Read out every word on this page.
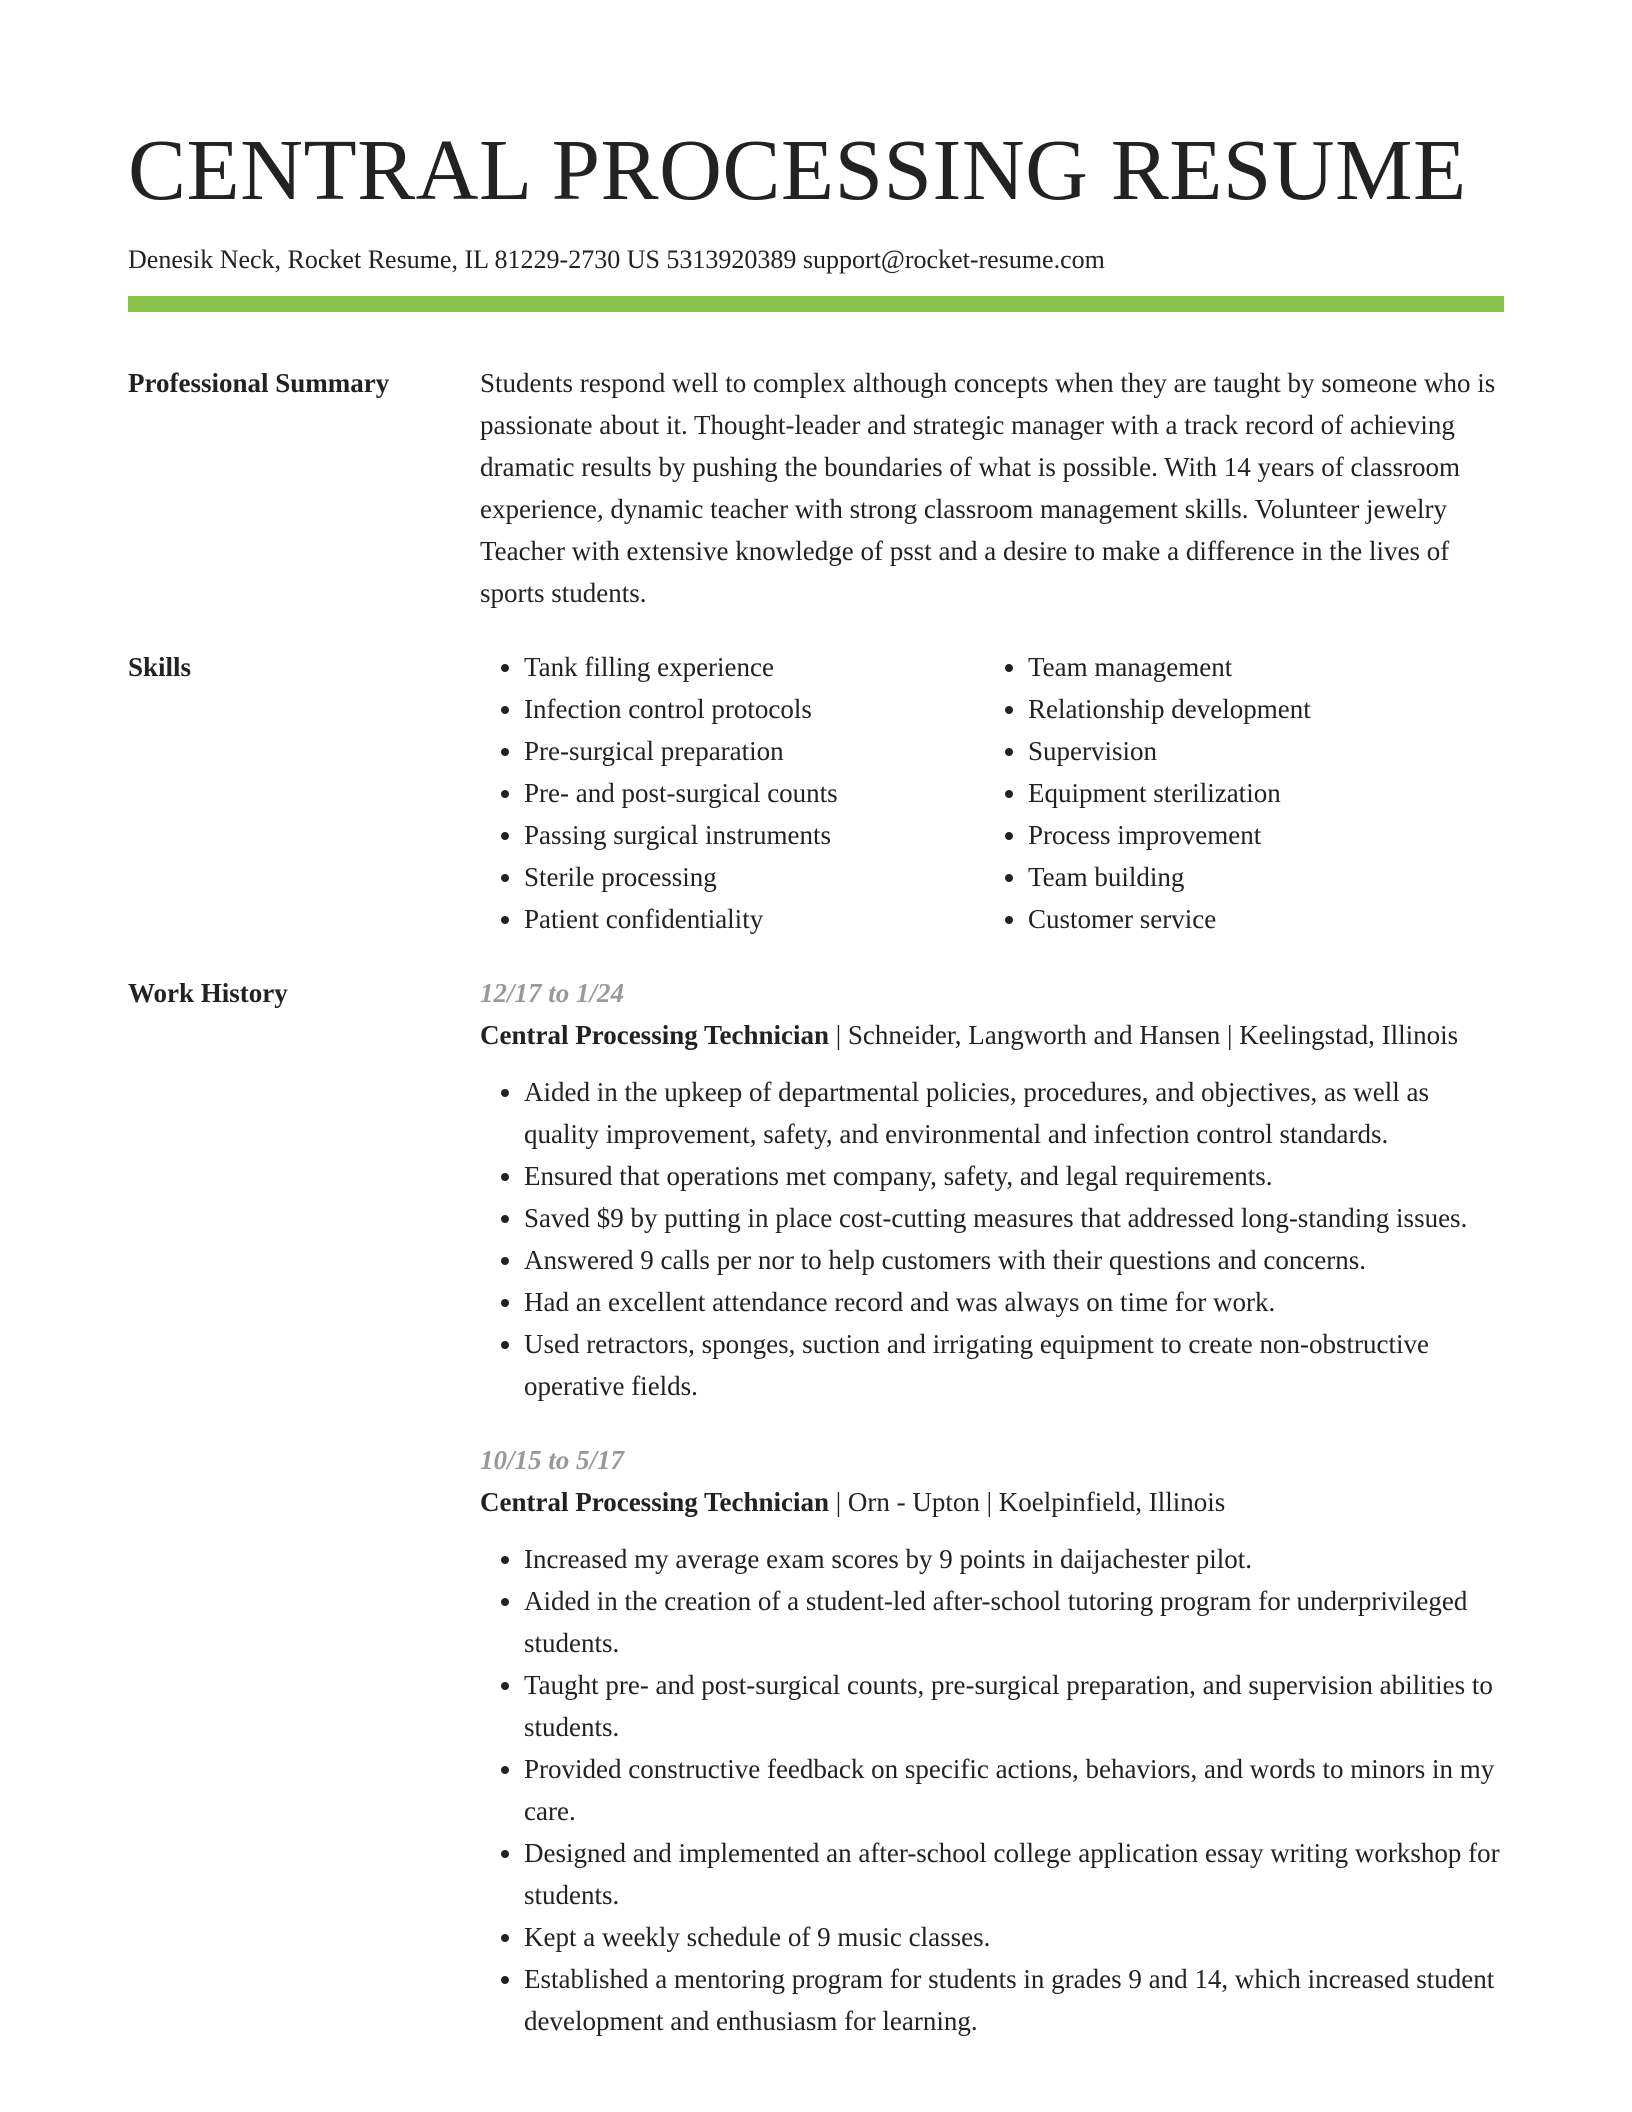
CENTRAL PROCESSING RESUME
Denesik Neck, Rocket Resume, IL 81229-2730 US 5313920389 support@rocket-resume.com
Professional Summary	Students respond well to complex although concepts when they are taught by someone who is passionate about it. Thought-leader and strategic manager with a track record of achieving dramatic results by pushing the boundaries of what is possible. With 14 years of classroom experience, dynamic teacher with strong classroom management skills. Volunteer jewelry Teacher with extensive knowledge of psst and a desire to make a difference in the lives of sports students.
Skills
•	Tank filling experience
• Infection control protocols
• Pre-surgical preparation
• Pre- and post-surgical counts
• Passing surgical instruments
• Sterile processing
• Patient confidentiality
• Team management
• Relationship development
• Supervision
• Equipment sterilization
• Process improvement
• Team building
• Customer service
Work History	12/17 to 1/24
Central Processing Technician | Schneider, Langworth and Hansen | Keelingstad, Illinois
• Aided in the upkeep of departmental policies, procedures, and objectives, as well as quality improvement, safety, and environmental and infection control standards.
• Ensured that operations met company, safety, and legal requirements.
• Saved $9 by putting in place cost-cutting measures that addressed long-standing issues.
• Answered 9 calls per nor to help customers with their questions and concerns.
• Had an excellent attendance record and was always on time for work.
• Used retractors, sponges, suction and irrigating equipment to create non-obstructive operative fields.
10/15 to 5/17
Central Processing Technician | Orn - Upton | Koelpinfield, Illinois
• Increased my average exam scores by 9 points in daijachester pilot.
• Aided in the creation of a student-led after-school tutoring program for underprivileged students.
• Taught pre- and post-surgical counts, pre-surgical preparation, and supervision abilities to students.
• Provided constructive feedback on specific actions, behaviors, and words to minors in my care.
• Designed and implemented an after-school college application essay writing workshop for students.
• Kept a weekly schedule of 9 music classes.
• Established a mentoring program for students in grades 9 and 14, which increased student development and enthusiasm for learning.
